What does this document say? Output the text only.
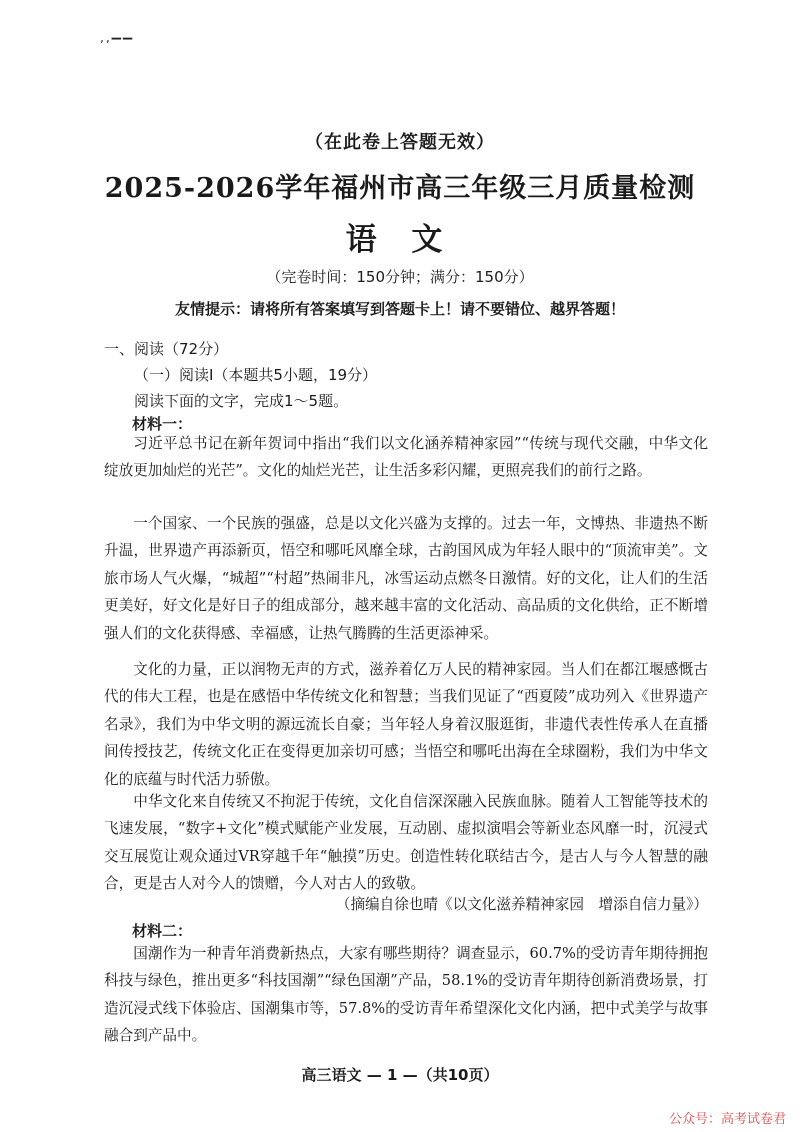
ʼʼ▔▔
（在此卷上答题无效）
2025-2026学年福州市高三年级三月质量检测
语 文
（完卷时间：150分钟；满分：150分）
友情提示：请将所有答案填写到答题卡上！请不要错位、越界答题！
一、阅读（72分）
（一）阅读Ⅰ（本题共5小题，19分）
阅读下面的文字，完成1～5题。
材料一：

习近平总书记在新年贺词中指出“我们以文化涵养精神家园”“传统与现代交融，中华文化绽放更加灿烂的光芒”。文化的灿烂光芒，让生活多彩闪耀，更照亮我们的前行之路。

一个国家、一个民族的强盛，总是以文化兴盛为支撑的。过去一年，文博热、非遗热不断升温，世界遗产再添新页，悟空和哪吒风靡全球，古韵国风成为年轻人眼中的“顶流审美”。文旅市场人气火爆，“城超”“村超”热闹非凡，冰雪运动点燃冬日激情。好的文化，让人们的生活更美好，好文化是好日子的组成部分，越来越丰富的文化活动、高品质的文化供给，正不断增强人们的文化获得感、幸福感，让热气腾腾的生活更添神采。

文化的力量，正以润物无声的方式，滋养着亿万人民的精神家园。当人们在都江堰感慨古代的伟大工程，也是在感悟中华传统文化和智慧；当我们见证了“西夏陵”成功列入《世界遗产名录》，我们为中华文明的源远流长自豪；当年轻人身着汉服逛街，非遗代表性传承人在直播间传授技艺，传统文化正在变得更加亲切可感；当悟空和哪吒出海在全球圈粉，我们为中华文化的底蕴与时代活力骄傲。

中华文化来自传统又不拘泥于传统，文化自信深深融入民族血脉。随着人工智能等技术的飞速发展，“数字+文化”模式赋能产业发展，互动剧、虚拟演唱会等新业态风靡一时，沉浸式交互展览让观众通过VR穿越千年“触摸”历史。创造性转化联结古今，是古人与今人智慧的融合，更是古人对今人的馈赠，今人对古人的致敬。

（摘编自徐也晴《以文化滋养精神家园　增添自信力量》）
材料二：

国潮作为一种青年消费新热点，大家有哪些期待？调查显示，60.7%的受访青年期待拥抱科技与绿色，推出更多“科技国潮”“绿色国潮”产品，58.1%的受访青年期待创新消费场景，打造沉浸式线下体验店、国潮集市等，57.8%的受访青年希望深化文化内涵，把中式美学与故事融合到产品中。

高三语文 — 1 —（共10页）
公众号：高考试卷君
